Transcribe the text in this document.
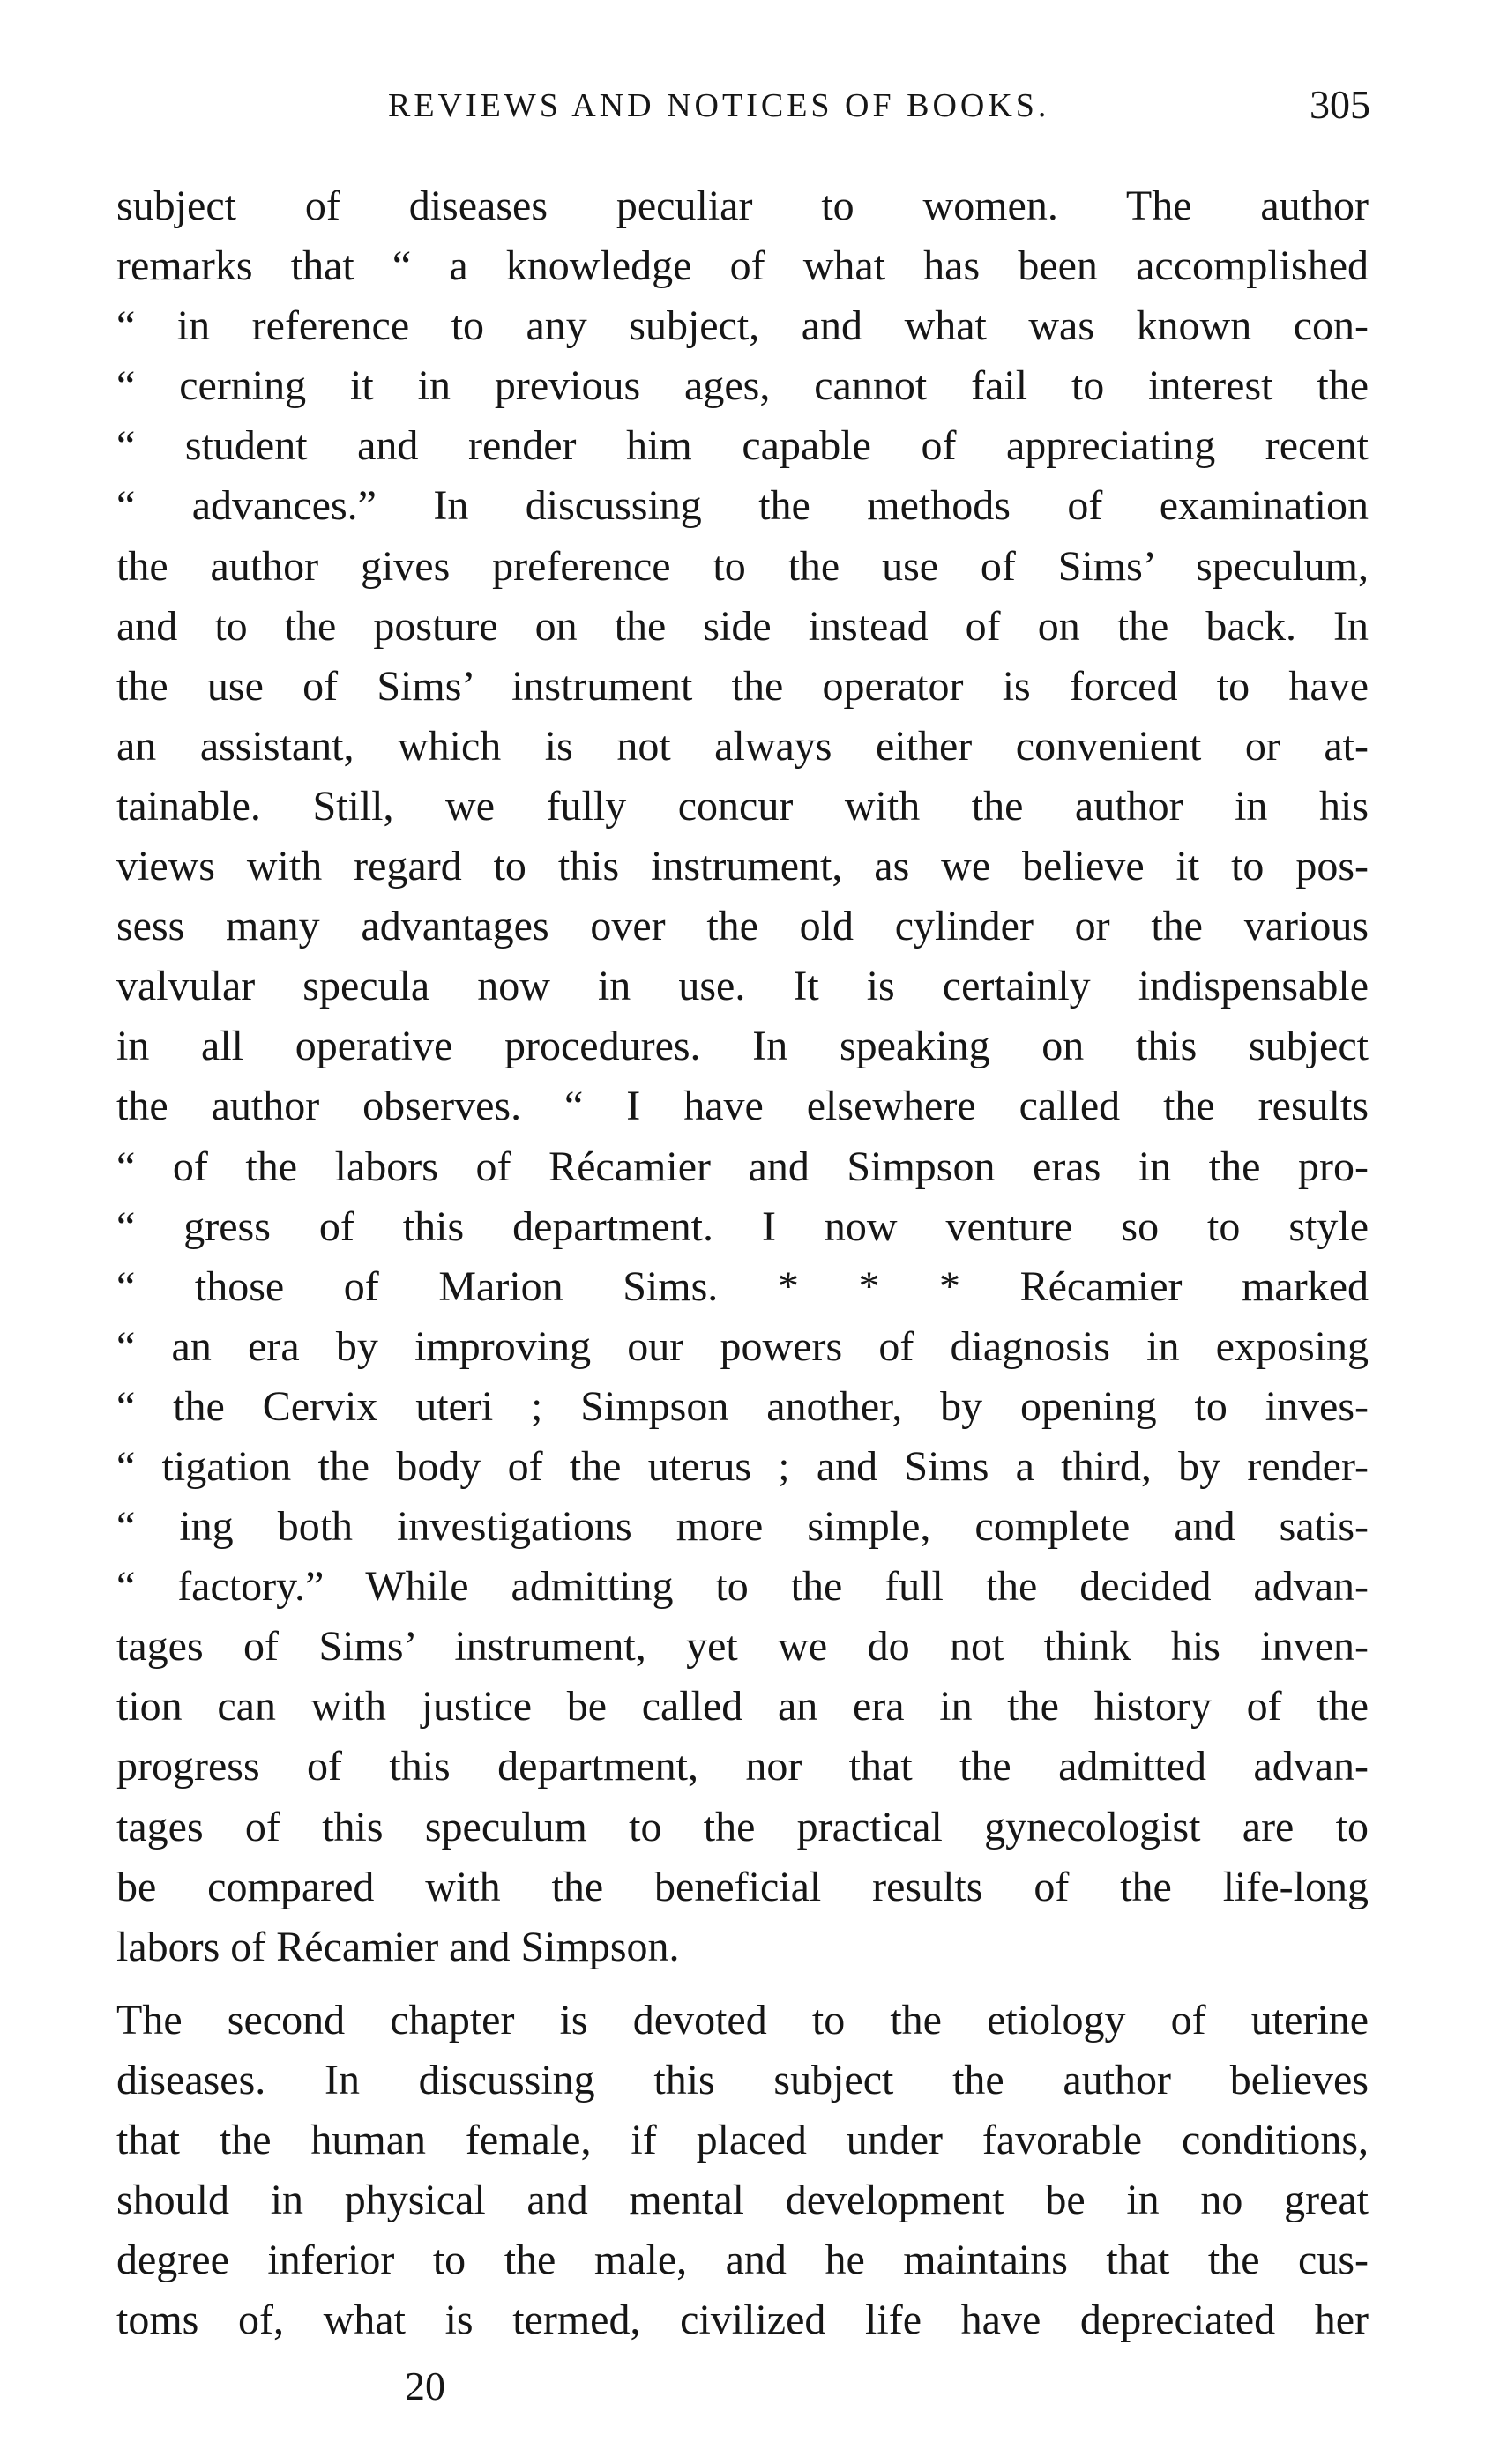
REVIEWS AND NOTICES OF BOOKS.	305
subject of diseases peculiar to women. The author
remarks that “ a knowledge of what has been accomplished
“ in reference to any subject, and what was known con-
“ cerning it in previous ages, cannot fail to interest the
“ student and render him capable of appreciating recent
“ advances.” In discussing the methods of examination
the author gives preference to the use of Sims’ speculum,
and to the posture on the side instead of on the back. In
the use of Sims’ instrument the operator is forced to have
an assistant, which is not always either convenient or at-
tainable. Still, we fully concur with the author in his
views with regard to this instrument, as we believe it to pos-
sess many advantages over the old cylinder or the various
valvular specula now in use. It is certainly indispensable
in all operative procedures. In speaking on this subject
the author observes. “ I have elsewhere called the results
“ of the labors of Récamier and Simpson eras in the pro-
“ gress of this department. I now venture so to style
“ those of Marion Sims. * * * Récamier marked
“ an era by improving our powers of diagnosis in exposing
“ the Cervix uteri ; Simpson another, by opening to inves-
“ tigation the body of the uterus ; and Sims a third, by render-
“ ing both investigations more simple, complete and satis-
“ factory.” While admitting to the full the decided advan-
tages of Sims’ instrument, yet we do not think his inven-
tion can with justice be called an era in the history of the
progress of this department, nor that the admitted advan-
tages of this speculum to the practical gynecologist are to
be compared with the beneficial results of the life-long
labors of Récamier and Simpson.
The second chapter is devoted to the etiology of uterine
diseases. In discussing this subject the author believes
that the human female, if placed under favorable conditions,
should in physical and mental development be in no great
degree inferior to the male, and he maintains that the cus-
toms of, what is termed, civilized life have depreciated her
20
